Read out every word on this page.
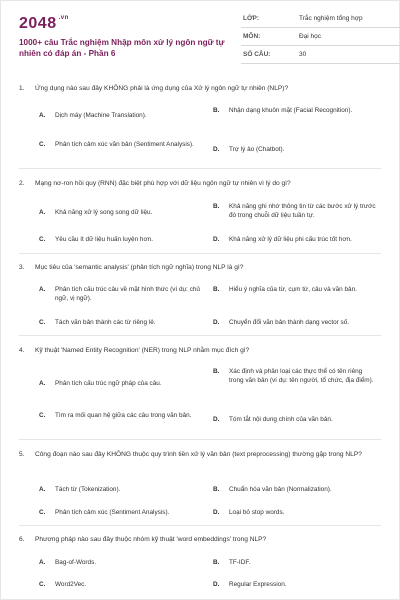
2048 $^{.vn}$
1000+ câu Trắc nghiệm Nhập môn xử lý ngôn ngữ tự nhiên có đáp án - Phần 6
LỚP:	Trắc nghiệm tổng hợp
MÔN:	Đại học
SỐ CÂU:	30
1. Ứng dụng nào sau đây KHÔNG phải là ứng dụng của Xử lý ngôn ngữ tự nhiên (NLP)?
A. Dịch máy (Machine Translation).
B. Nhận dạng khuôn mặt (Facial Recognition).
C. Phân tích cảm xúc văn bản (Sentiment Analysis).
D. Trợ lý ảo (Chatbot).
2. Mạng nơ-ron hồi quy (RNN) đặc biệt phù hợp với dữ liệu ngôn ngữ tự nhiên vì lý do gì?
A. Khả năng xử lý song song dữ liệu.
B. Khả năng ghi nhớ thông tin từ các bước xử lý trước đó trong chuỗi dữ liệu tuần tự.
C. Yêu cầu ít dữ liệu huấn luyện hơn.	D. Khả năng xử lý dữ liệu phi cấu trúc tốt hơn.
3. Mục tiêu của 'semantic analysis' (phân tích ngữ nghĩa) trong NLP là gì?
A. Phân tích cấu trúc câu về mặt hình thức (ví dụ: chủ ngữ, vị ngữ).
B. Hiểu ý nghĩa của từ, cụm từ, câu và văn bản.
C. Tách văn bản thành các từ riêng lẻ.	D. Chuyển đổi văn bản thành dạng vector số.
4. Kỹ thuật 'Named Entity Recognition' (NER) trong NLP nhằm mục đích gì?
A. Phân tích cấu trúc ngữ pháp của câu.
B. Xác định và phân loại các thực thể có tên riêng trong văn bản (ví dụ: tên người, tổ chức, địa điểm).
C. Tìm ra mối quan hệ giữa các câu trong văn bản.
D. Tóm tắt nội dung chính của văn bản.
5. Công đoạn nào sau đây KHÔNG thuộc quy trình tiền xử lý văn bản (text preprocessing) thường gặp trong NLP?
A. Tách từ (Tokenization).	B. Chuẩn hóa văn bản (Normalization).
C. Phân tích cảm xúc (Sentiment Analysis).	D. Loại bỏ stop words.
6. Phương pháp nào sau đây thuộc nhóm kỹ thuật 'word embeddings' trong NLP?
A. Bag-of-Words.	B. TF-IDF.
C. Word2Vec.	D. Regular Expression.
